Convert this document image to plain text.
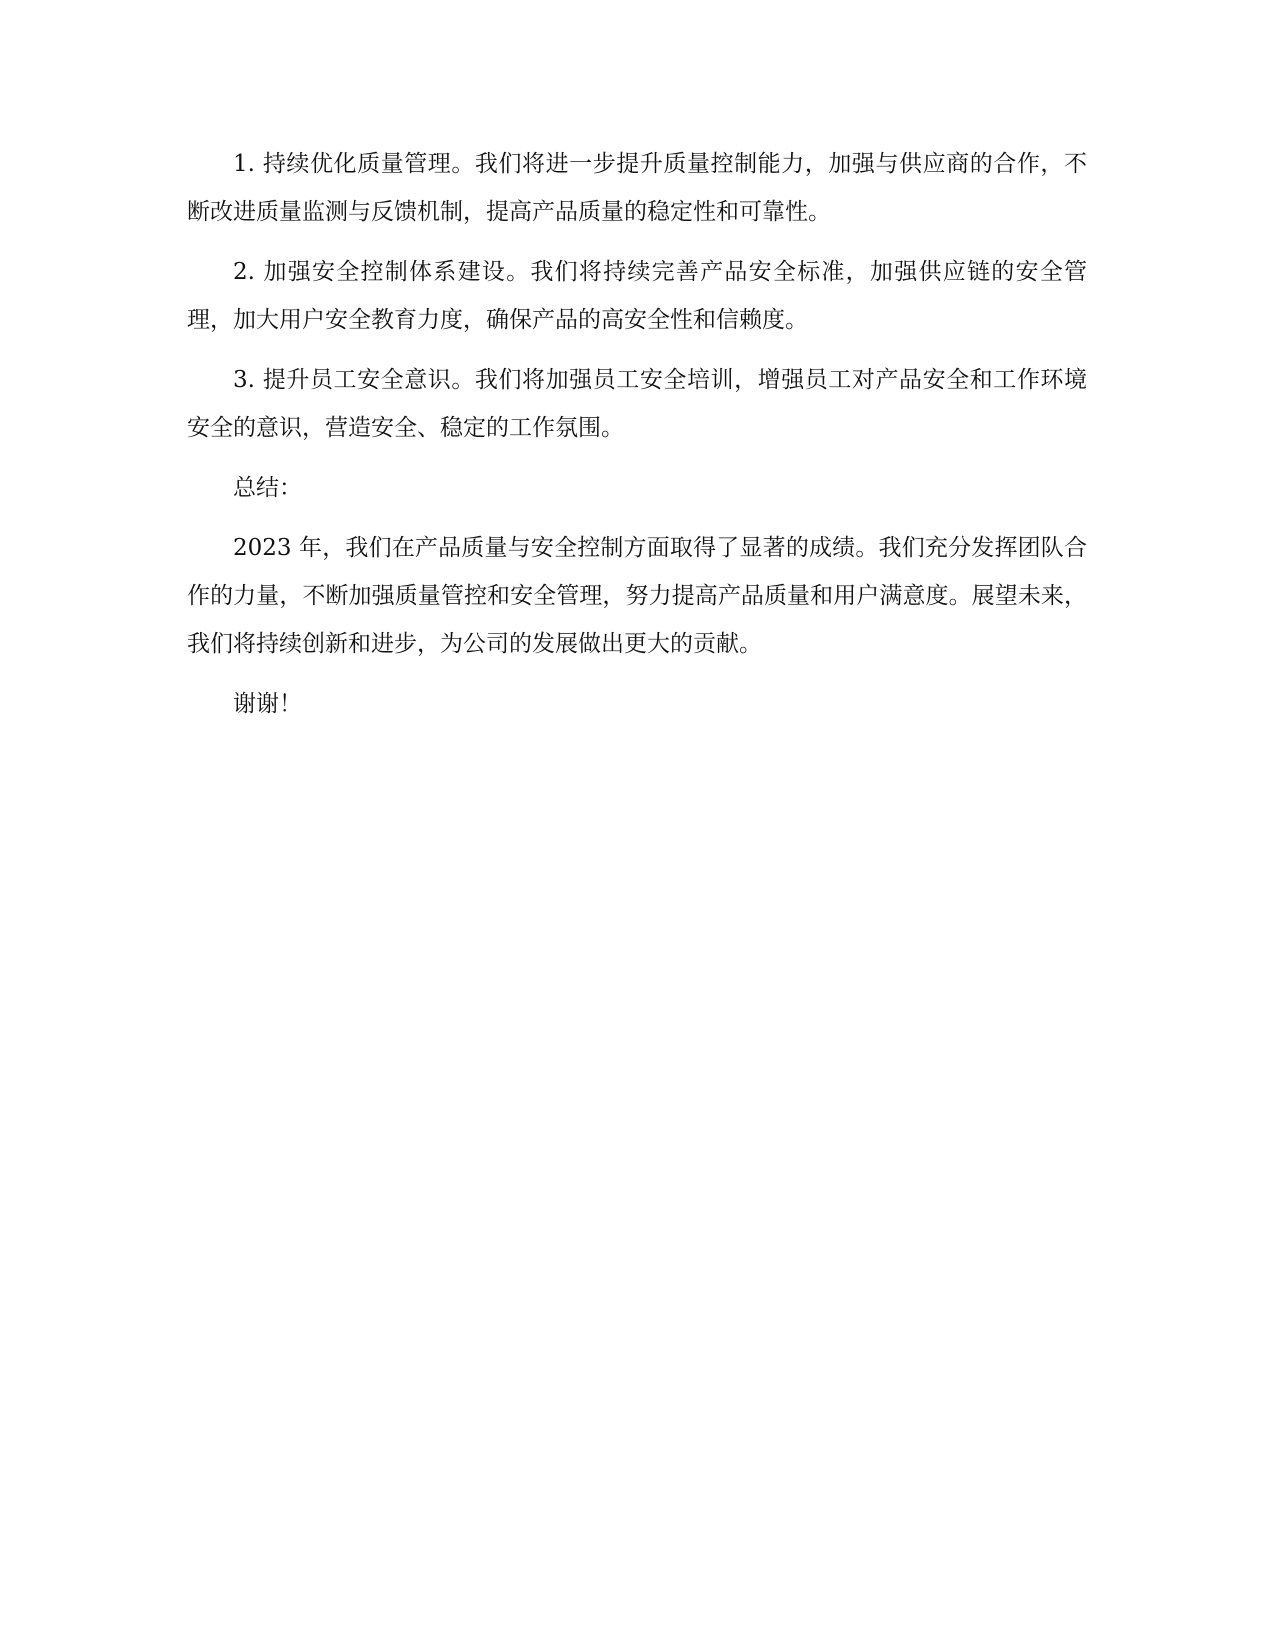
1. 持续优化质量管理。我们将进一步提升质量控制能力，加强与供应商的合作，不断改进质量监测与反馈机制，提高产品质量的稳定性和可靠性。

2. 加强安全控制体系建设。我们将持续完善产品安全标准，加强供应链的安全管理，加大用户安全教育力度，确保产品的高安全性和信赖度。

3. 提升员工安全意识。我们将加强员工安全培训，增强员工对产品安全和工作环境安全的意识，营造安全、稳定的工作氛围。

总结：

2023 年，我们在产品质量与安全控制方面取得了显著的成绩。我们充分发挥团队合作的力量，不断加强质量管控和安全管理，努力提高产品质量和用户满意度。展望未来，我们将持续创新和进步，为公司的发展做出更大的贡献。

谢谢！
